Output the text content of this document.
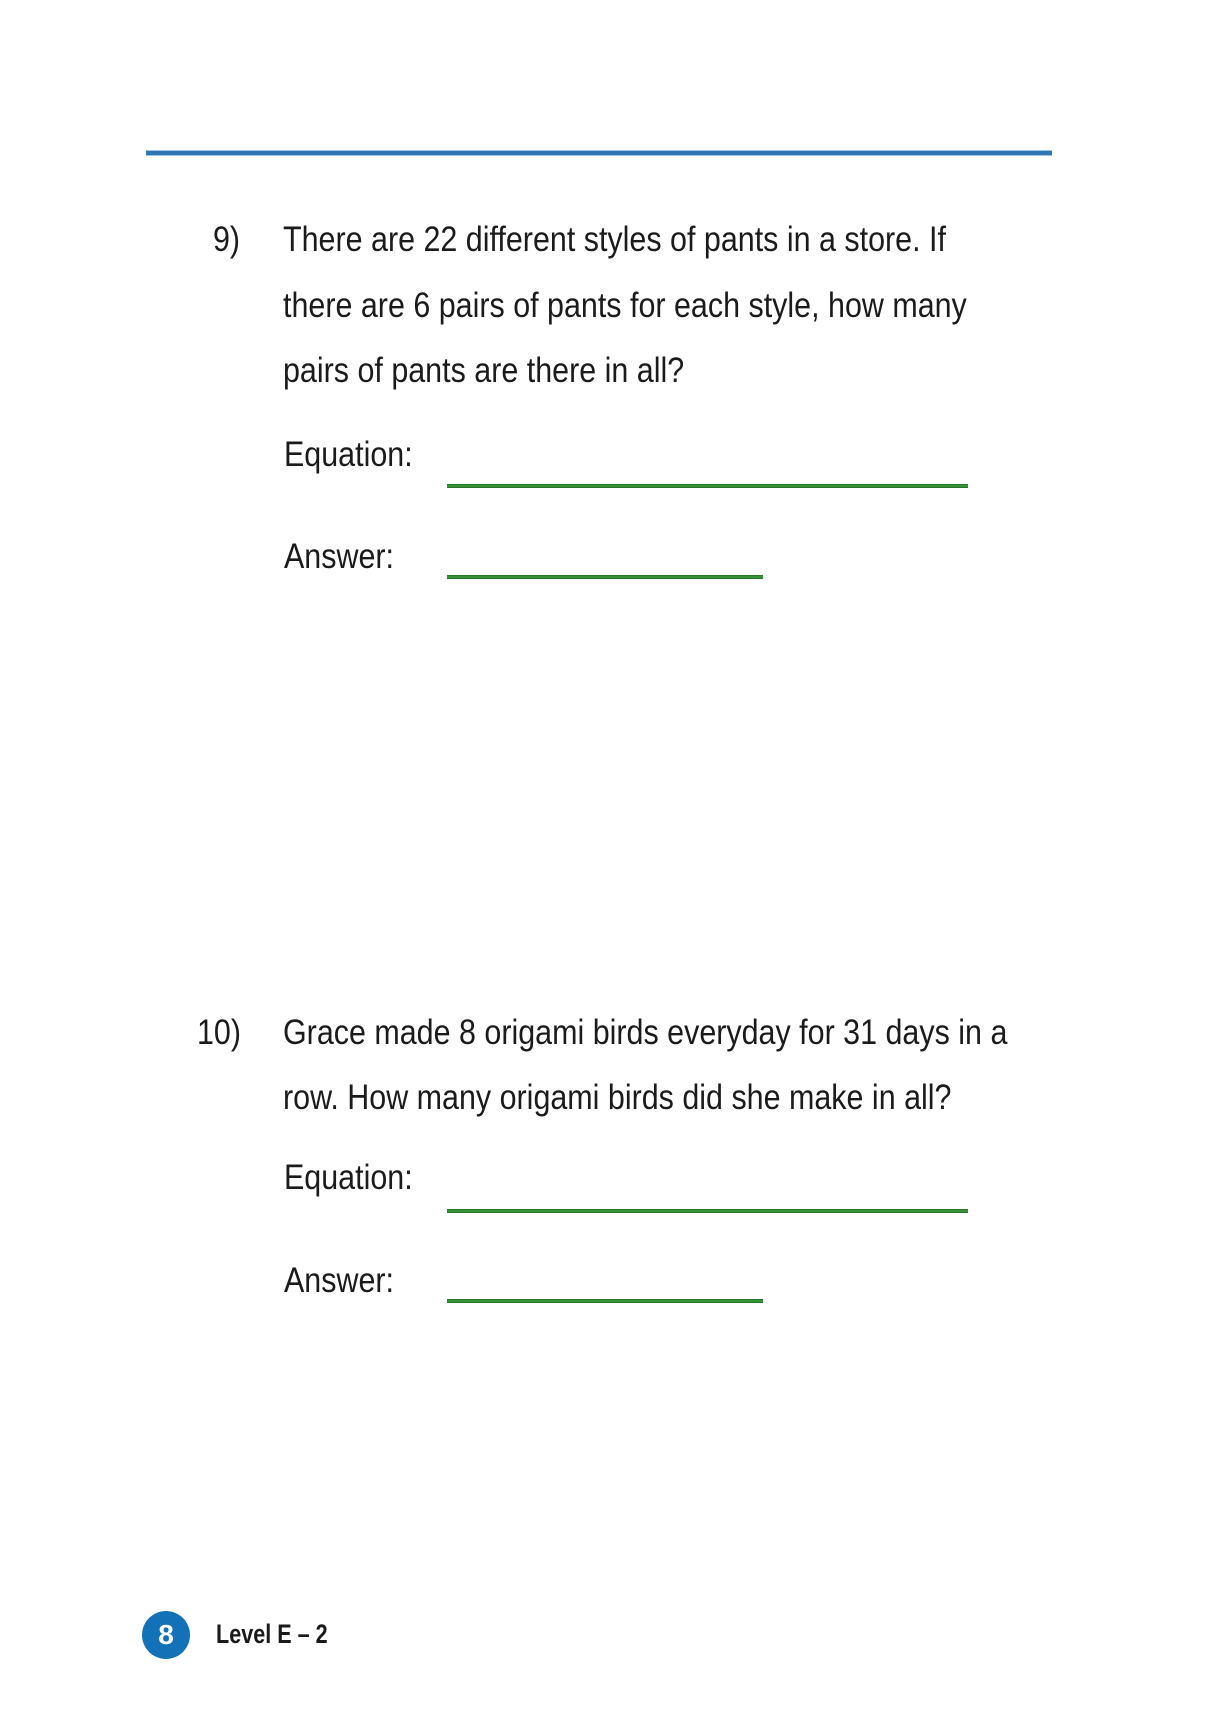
9) There are 22 different styles of pants in a store. If
there are 6 pairs of pants for each style, how many
pairs of pants are there in all?
Equation:
Answer:
10) Grace made 8 origami birds everyday for 31 days in a
row. How many origami birds did she make in all?
Equation:
Answer:
8 Level E – 2
